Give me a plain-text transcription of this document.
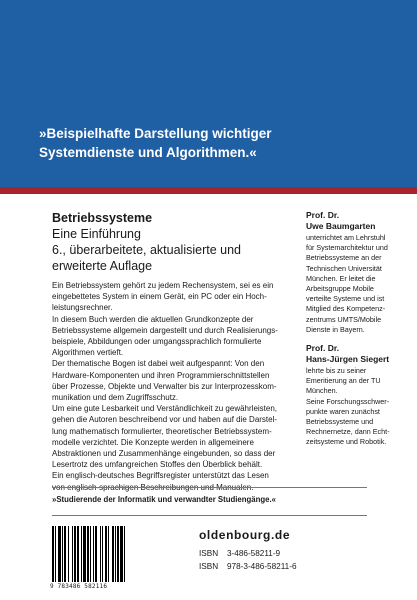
»Beispielhafte Darstellung wichtiger
Systemdienste und Algorithmen.«

Betriebssysteme

Eine Einführung

6., überarbeitete, aktualisierte und

erweiterte Auflage

Ein Betriebssystem gehört zu jedem Rechensystem, sei es ein

eingebettetes System in einem Gerät, ein PC oder ein Hoch-

leistungsrechner.

In diesem Buch werden die aktuellen Grundkonzepte der

Betriebssysteme allgemein dargestellt und durch Realisierungs-

beispiele, Abbildungen oder umgangssprachlich formulierte

Algorithmen vertieft.

Der thematische Bogen ist dabei weit aufgespannt: Von den

Hardware-Komponenten und ihren Programmierschnittstellen

über Prozesse, Objekte und Verwalter bis zur Interprozesskom-

munikation und dem Zugriffsschutz.

Um eine gute Lesbarkeit und Verständlichkeit zu gewährleisten,

gehen die Autoren beschreibend vor und haben auf die Darstel-

lung mathematisch formulierter, theoretischer Betriebssystem-

modelle verzichtet. Die Konzepte werden in allgemeinere

Abstraktionen und Zusammenhänge eingebunden, so dass der

Lesertrotz des umfangreichen Stoffes den Überblick behält.

Ein englisch-deutsches Begriffsregister unterstützt das Lesen

Prof. Dr.

Uwe Baumgarten

unterrichtet am Lehrstuhl
für Systemarchitektur und
Betriebssysteme an der
Technischen Universität
München. Er leitet die
Arbeitsgruppe Mobile
verteilte Systeme und ist
Mitglied des Kompetenz-
zentrums UMTS/Mobile
Dienste in Bayern.

Prof. Dr.

Hans-Jürgen Siegert

lehrte bis zu seiner
Emeritierung an der TU
München.
Seine Forschungsschwer-
punkte waren zunächst
Betriebssysteme und
Rechnernetze, dann Echt-
zeitsysteme und Robotik.
»Studierende der Informatik und verwandter Studiengänge.«
9 783486 582116
oldenbourg.de
ISBN 3-486-58211-9
ISBN 978-3-486-58211-6
